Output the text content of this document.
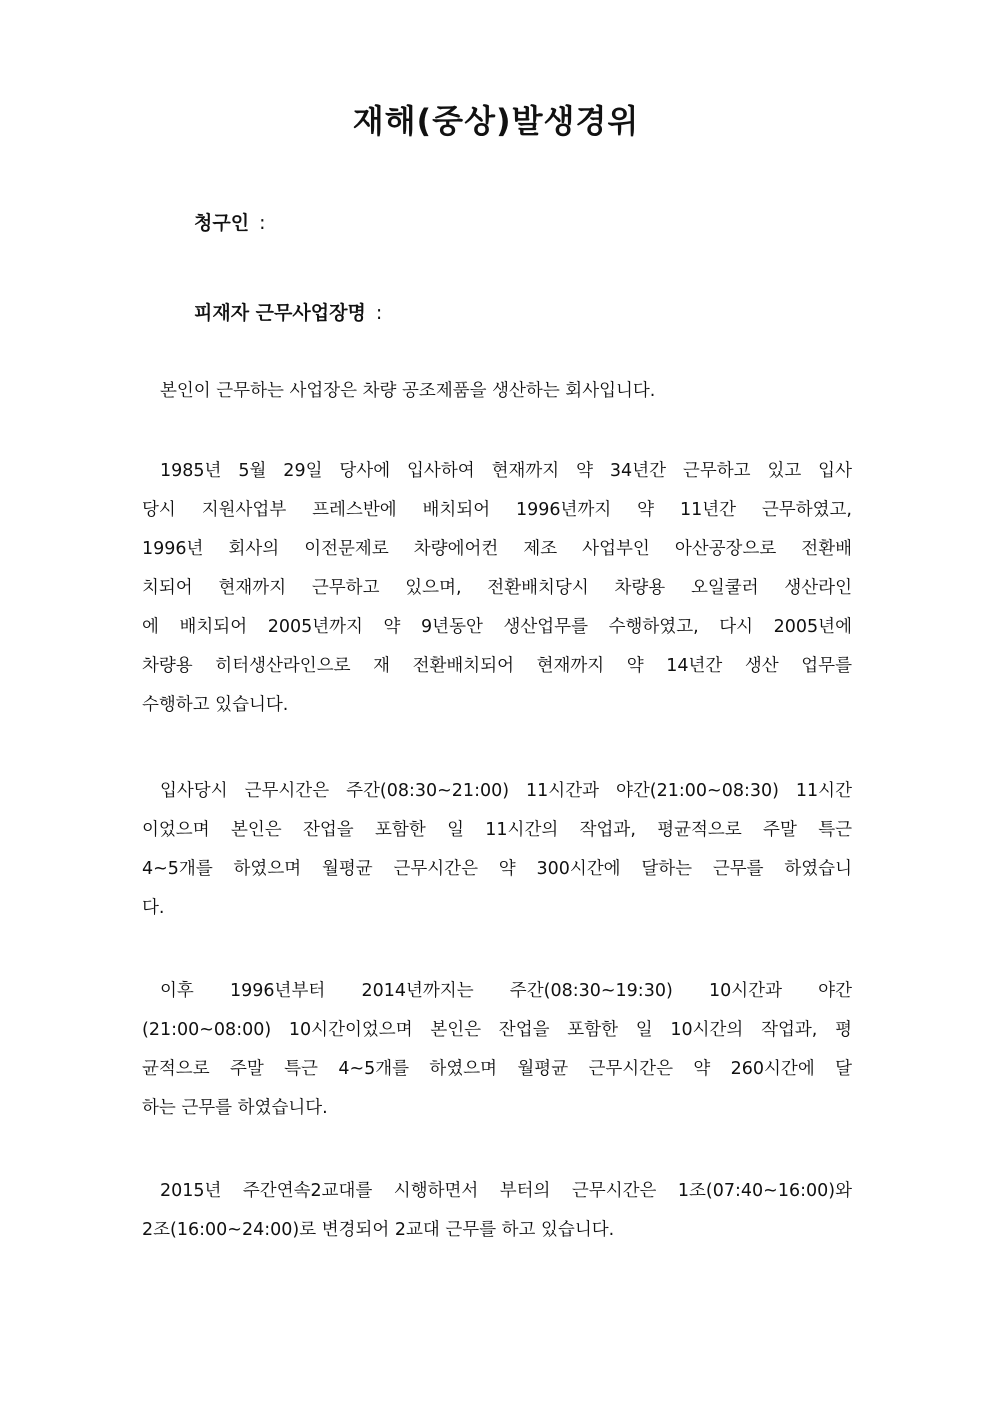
재해(중상)발생경위
청구인 :
피재자 근무사업장명 :
본인이 근무하는 사업장은 차량 공조제품을 생산하는 회사입니다.
1985년 5월 29일 당사에 입사하여 현재까지 약 34년간 근무하고 있고 입사
당시 지원사업부 프레스반에 배치되어 1996년까지 약 11년간 근무하였고,
1996년 회사의 이전문제로 차량에어컨 제조 사업부인 아산공장으로 전환배
치되어 현재까지 근무하고 있으며, 전환배치당시 차량용 오일쿨러 생산라인
에 배치되어 2005년까지 약 9년동안 생산업무를 수행하였고, 다시 2005년에
차량용 히터생산라인으로 재 전환배치되어 현재까지 약 14년간 생산 업무를
수행하고 있습니다.
입사당시 근무시간은 주간(08:30~21:00) 11시간과 야간(21:00~08:30) 11시간
이었으며 본인은 잔업을 포함한 일 11시간의 작업과, 평균적으로 주말 특근
4~5개를 하였으며 월평균 근무시간은 약 300시간에 달하는 근무를 하였습니
다.
이후 1996년부터 2014년까지는 주간(08:30~19:30) 10시간과 야간
(21:00~08:00) 10시간이었으며 본인은 잔업을 포함한 일 10시간의 작업과, 평
균적으로 주말 특근 4~5개를 하였으며 월평균 근무시간은 약 260시간에 달
하는 근무를 하였습니다.
2015년 주간연속2교대를 시행하면서 부터의 근무시간은 1조(07:40~16:00)와
2조(16:00~24:00)로 변경되어 2교대 근무를 하고 있습니다.
